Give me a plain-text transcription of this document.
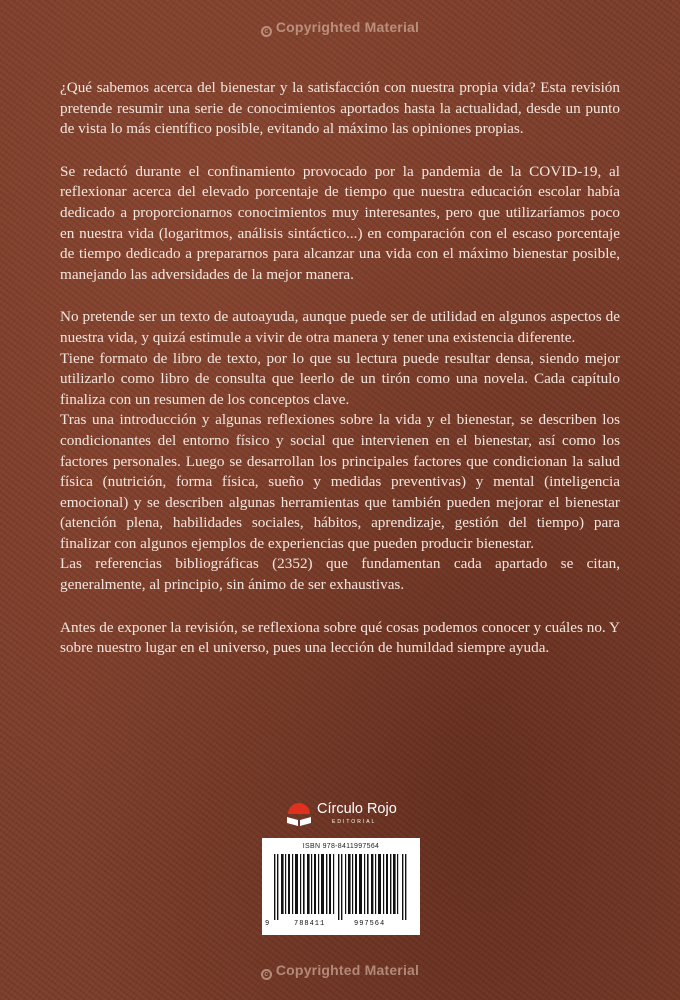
c Copyrighted Material

¿Qué sabemos acerca del bienestar y la satisfacción con nuestra propia vida? Esta revisión pretende resumir una serie de conocimientos aportados hasta la actualidad, desde un punto de vista lo más científico posible, evitando al máximo las opiniones propias.

Se redactó durante el confinamiento provocado por la pandemia de la COVID-19, al reflexionar acerca del elevado porcentaje de tiempo que nuestra educación escolar había dedicado a proporcionarnos conocimientos muy interesantes, pero que utilizaríamos poco en nuestra vida (logaritmos, análisis sintáctico...) en comparación con el escaso porcentaje de tiempo dedicado a prepararnos para alcanzar una vida con el máximo bienestar posible, manejando las adversidades de la mejor manera.

No pretende ser un texto de autoayuda, aunque puede ser de utilidad en algunos aspectos de nuestra vida, y quizá estimule a vivir de otra manera y tener una existencia diferente.

Tiene formato de libro de texto, por lo que su lectura puede resultar densa, siendo mejor utilizarlo como libro de consulta que leerlo de un tirón como una novela. Cada capítulo finaliza con un resumen de los conceptos clave.

Tras una introducción y algunas reflexiones sobre la vida y el bienestar, se describen los condicionantes del entorno físico y social que intervienen en el bienestar, así como los factores personales. Luego se desarrollan los principales factores que condicionan la salud física (nutrición, forma física, sueño y medidas preventivas) y mental (inteligencia emocional) y se describen algunas herramientas que también pueden mejorar el bienestar (atención plena, habilidades sociales, hábitos, aprendizaje, gestión del tiempo) para finalizar con algunos ejemplos de experiencias que pueden producir bienestar.

Las referencias bibliográficas (2352) que fundamentan cada apartado se citan, generalmente, al principio, sin ánimo de ser exhaustivas.

Antes de exponer la revisión, se reflexiona sobre qué cosas podemos conocer y cuáles no. Y sobre nuestro lugar en el universo, pues una lección de humildad siempre ayuda.

Círculo Rojo
EDITORIAL
ISBN 978-8411997564
9	788411	997564
c Copyrighted Material
